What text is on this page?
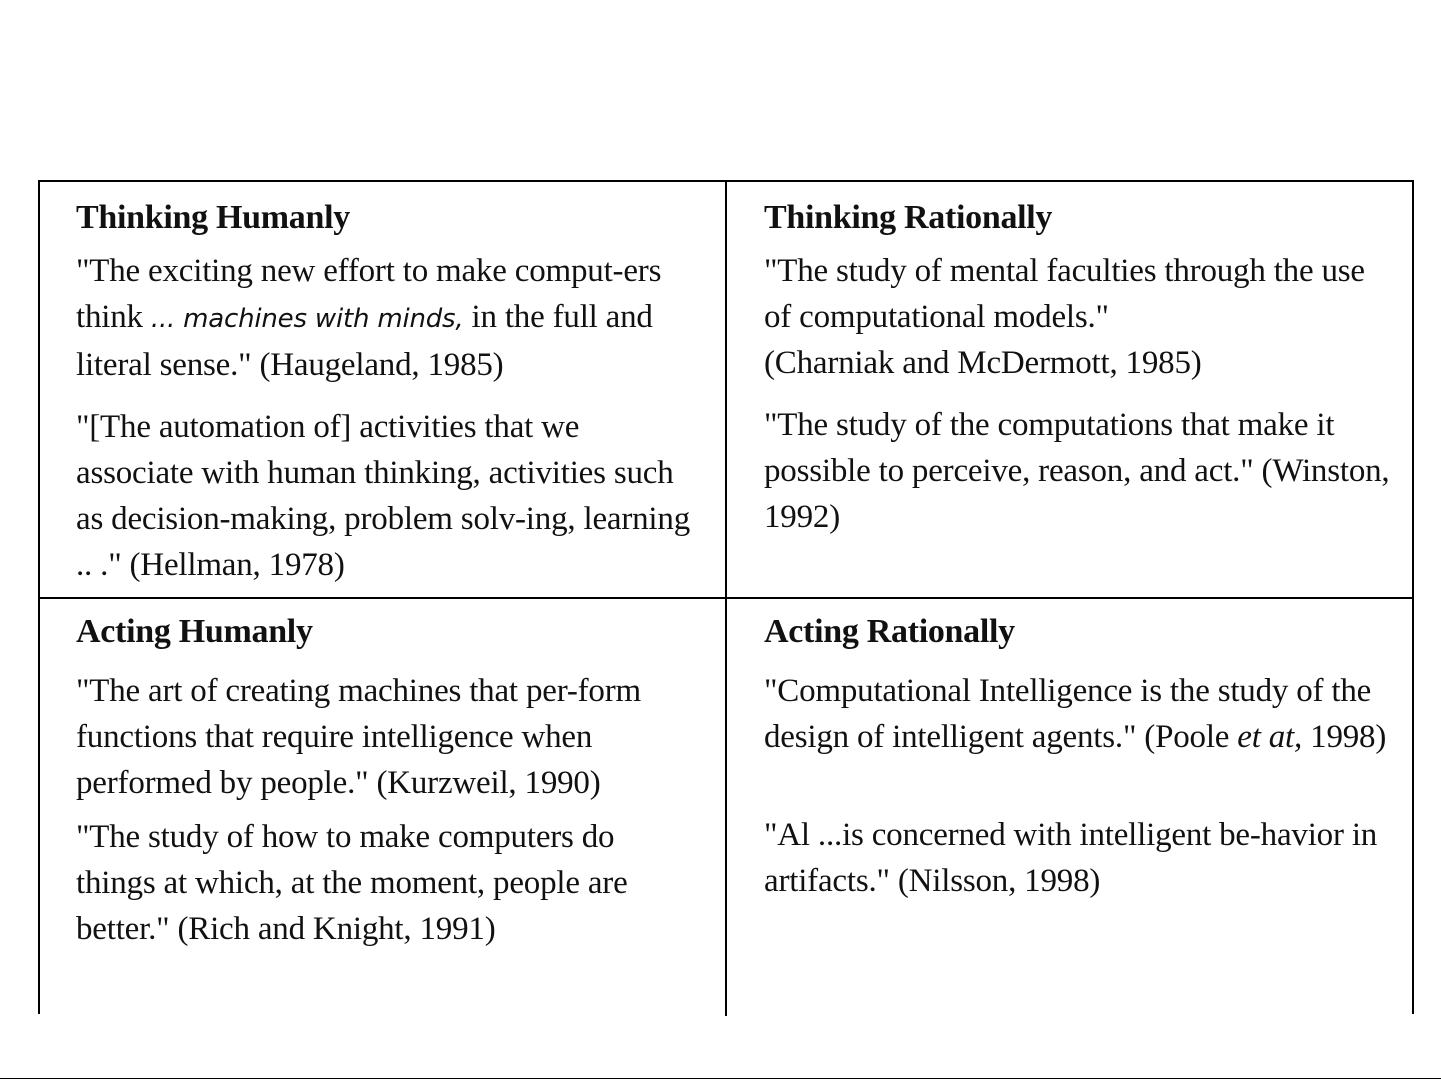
Thinking Humanly

"The exciting new effort to make comput-ers think ... machines with minds, in the full and literal sense." (Haugeland, 1985)

"[The automation of] activities that we associate with human thinking, activities such as decision-making, problem solv-ing, learning .. ." (Hellman, 1978)

Thinking Rationally

"The study of mental faculties through the use of computational models."
(Charniak and McDermott, 1985)

"The study of the computations that make it possible to perceive, reason, and act." (Winston, 1992)

Acting Humanly

"The art of creating machines that per-form functions that require intelligence when performed by people." (Kurzweil, 1990)

"The study of how to make computers do things at which, at the moment, people are better." (Rich and Knight, 1991)

Acting Rationally

"Computational Intelligence is the study of the design of intelligent agents." (Poole et at, 1998)

"Al ...is concerned with intelligent be-havior in artifacts." (Nilsson, 1998)
